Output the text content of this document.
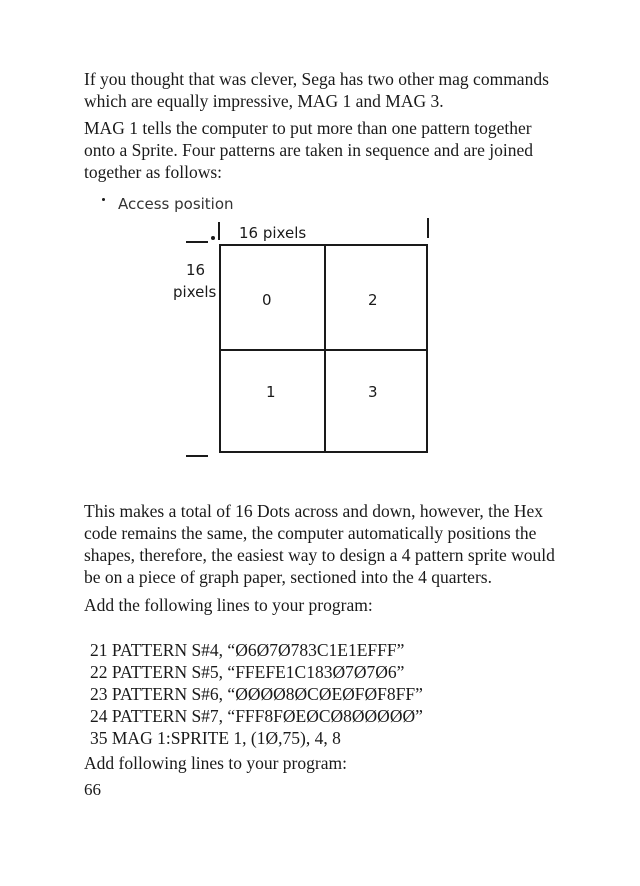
If you thought that was clever, Sega has two other mag commands
which are equally impressive, MAG 1 and MAG 3.
MAG 1 tells the computer to put more than one pattern together
onto a Sprite. Four patterns are taken in sequence and are joined
together as follows:
Access position
16 pixels
16
pixels	0	2
1	3
This makes a total of 16 Dots across and down, however, the Hex
code remains the same, the computer automatically positions the
shapes, therefore, the easiest way to design a 4 pattern sprite would
be on a piece of graph paper, sectioned into the 4 quarters.
Add the following lines to your program:
21 PATTERN S#4, “Ø6Ø7Ø783C1E1EFFF”
22 PATTERN S#5, “FFEFE1C183Ø7Ø7Ø6”
23 PATTERN S#6, “ØØØØ8ØCØEØFØF8FF”
24 PATTERN S#7, “FFF8FØEØCØ8ØØØØØ”
35 MAG 1:SPRITE 1, (1Ø,75), 4, 8
Add following lines to your program:
66
